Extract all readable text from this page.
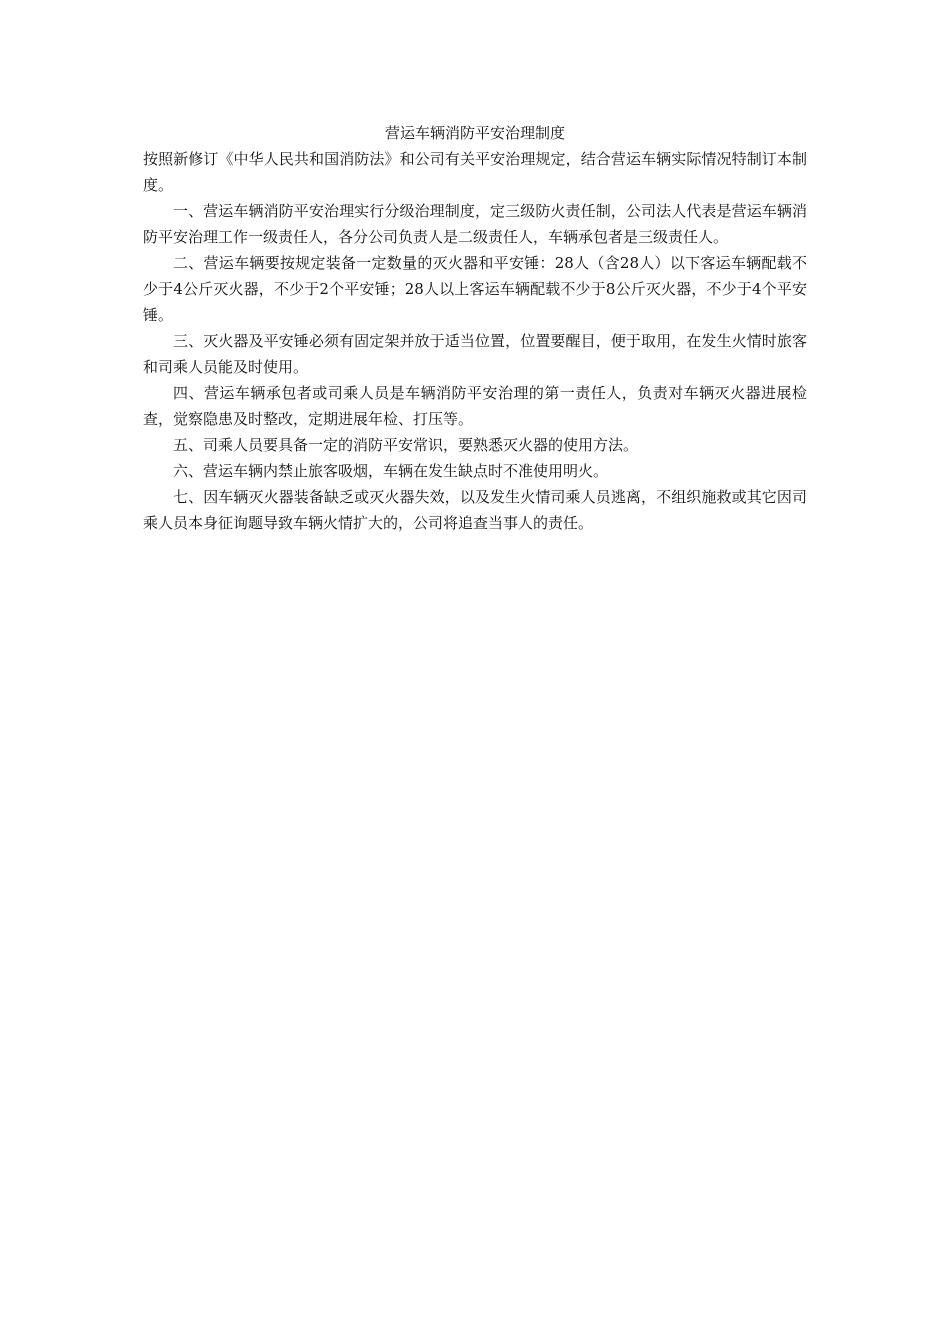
营运车辆消防平安治理制度

按照新修订《中华人民共和国消防法》和公司有关平安治理规定，结合营运车辆实际情况特制订本制度。

一、营运车辆消防平安治理实行分级治理制度，定三级防火责任制，公司法人代表是营运车辆消防平安治理工作一级责任人，各分公司负责人是二级责任人，车辆承包者是三级责任人。

二、营运车辆要按规定装备一定数量的灭火器和平安锤：28人（含28人）以下客运车辆配载不少于4公斤灭火器，不少于2个平安锤；28人以上客运车辆配载不少于8公斤灭火器，不少于4个平安锤。

三、灭火器及平安锤必须有固定架并放于适当位置，位置要醒目，便于取用，在发生火情时旅客和司乘人员能及时使用。

四、营运车辆承包者或司乘人员是车辆消防平安治理的第一责任人，负责对车辆灭火器进展检查，觉察隐患及时整改，定期进展年检、打压等。

五、司乘人员要具备一定的消防平安常识，要熟悉灭火器的使用方法。

六、营运车辆内禁止旅客吸烟，车辆在发生缺点时不准使用明火。

七、因车辆灭火器装备缺乏或灭火器失效，以及发生火情司乘人员逃离，不组织施救或其它因司乘人员本身征询题导致车辆火情扩大的，公司将追查当事人的责任。
